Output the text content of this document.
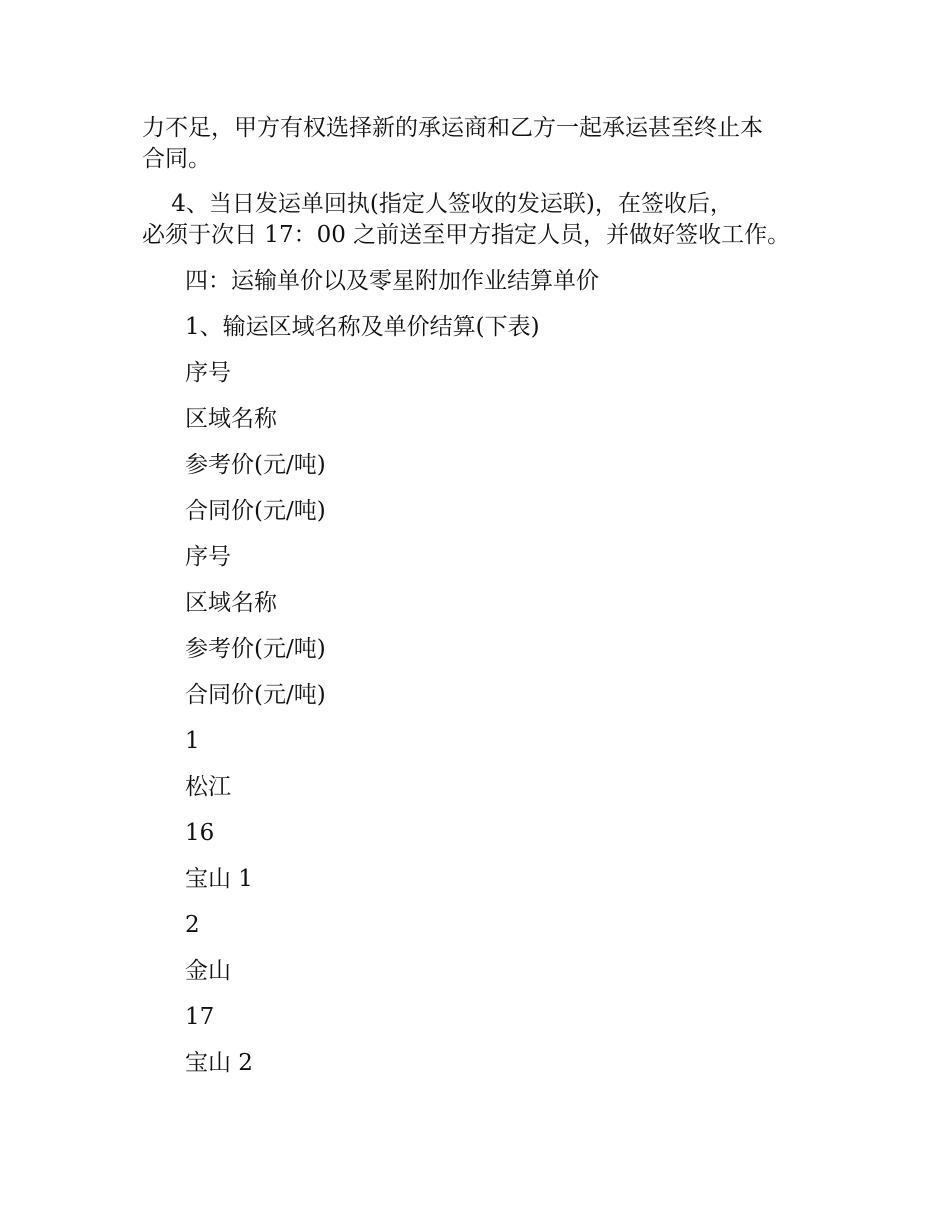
力不足，甲方有权选择新的承运商和乙方一起承运甚至终止本
合同。
4、当日发运单回执(指定人签收的发运联)，在签收后，
必须于次日 17：00 之前送至甲方指定人员，并做好签收工作。
四：运输单价以及零星附加作业结算单价
1、输运区域名称及单价结算(下表)
序号
区域名称
参考价(元/吨)
合同价(元/吨)
序号
区域名称
参考价(元/吨)
合同价(元/吨)
1
松江
16
宝山 1
2
金山
17
宝山 2
